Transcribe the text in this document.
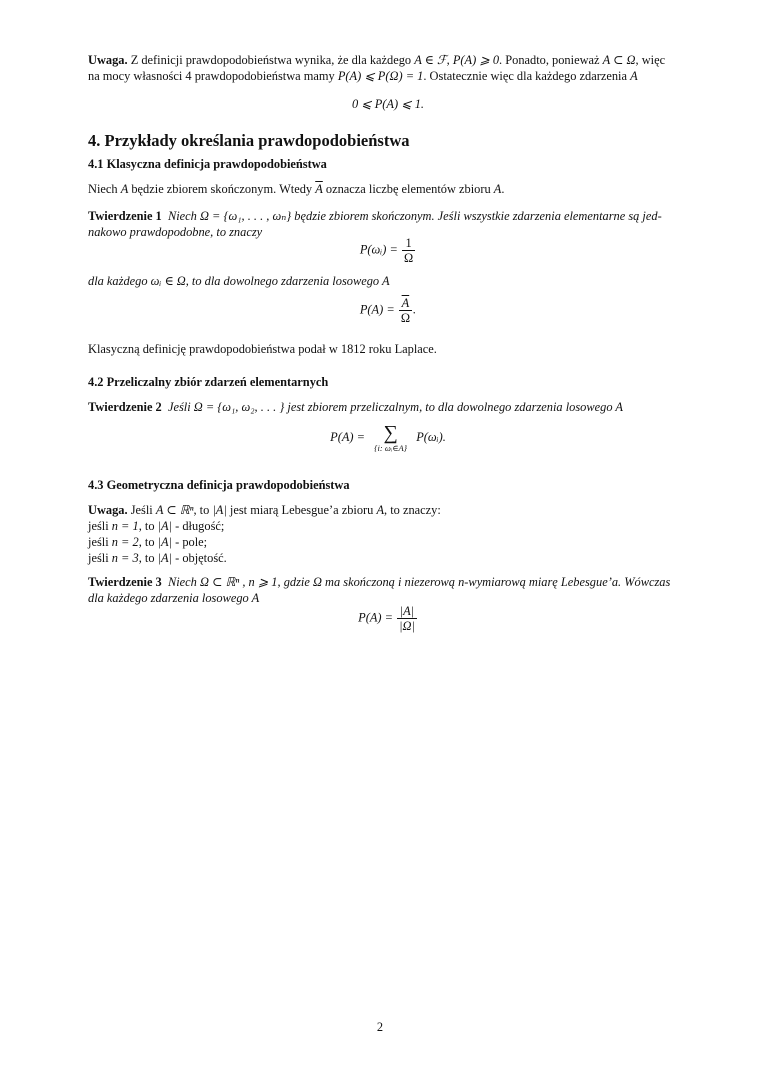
Uwaga. Z definicji prawdopodobieństwa wynika, że dla każdego A ∈ ℱ, P(A) ⩾ 0. Ponadto, ponieważ A ⊂ Ω, więc
na mocy własności 4 prawdopodobieństwa mamy P(A) ⩽ P(Ω) = 1. Ostatecznie więc dla każdego zdarzenia A
0 ⩽ P(A) ⩽ 1.
4. Przykłady określania prawdopodobieństwa
4.1 Klasyczna definicja prawdopodobieństwa
Niech A będzie zbiorem skończonym. Wtedy $\overline{A}$ oznacza liczbę elementów zbioru A.
Twierdzenie 1 Niech Ω = {ω₁, . . . , ωₙ} będzie zbiorem skończonym. Jeśli wszystkie zdarzenia elementarne są jed-
nakowo prawdopodobne, to znaczy
P(ωᵢ) = $\frac{1}{\Omega}$
dla każdego ωᵢ ∈ Ω, to dla dowolnego zdarzenia losowego A
$P(A) = \frac{\overline{A}}{\Omega}$ .
Klasyczną definicję prawdopodobieństwa podał w 1812 roku Laplace.
4.2 Przeliczalny zbiór zdarzeń elementarnych
Twierdzenie 2 Jeśli Ω = {ω₁, ω₂, . . . } jest zbiorem przeliczalnym, to dla dowolnego zdarzenia losowego A
P(A) = ∑
{i: ωᵢ∈A}
P(ωᵢ).
4.3 Geometryczna definicja prawdopodobieństwa
Uwaga. Jeśli A ⊂ ℝⁿ, to |A| jest miarą Lebesgue’a zbioru A, to znaczy:
jeśli n = 1, to |A| - długość;
jeśli n = 2, to |A| - pole;
jeśli n = 3, to |A| - objętość.
Twierdzenie 3 Niech Ω ⊂ ℝⁿ , n ⩾ 1, gdzie Ω ma skończoną i niezerową n-wymiarową miarę Lebesgue’a. Wówczas
dla każdego zdarzenia losowego A
$P(A) = \frac{|A|}{|\Omega|}$
2
